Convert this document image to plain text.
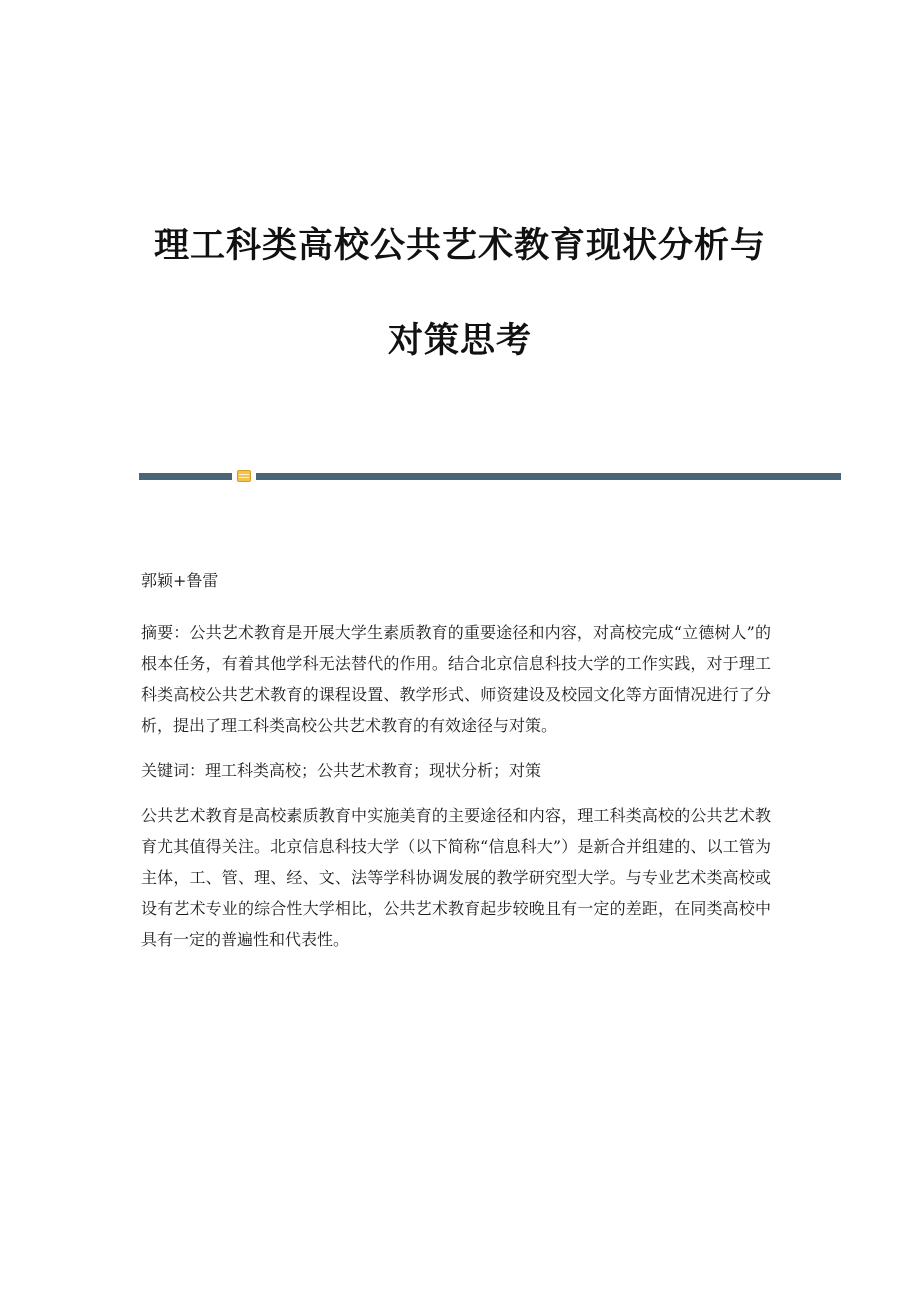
理工科类高校公共艺术教育现状分析与
对策思考

郭颖+鲁雷

摘要：公共艺术教育是开展大学生素质教育的重要途径和内容，对高校完成“立德树人”的根本任务，有着其他学科无法替代的作用。结合北京信息科技大学的工作实践，对于理工科类高校公共艺术教育的课程设置、教学形式、师资建设及校园文化等方面情况进行了分析，提出了理工科类高校公共艺术教育的有效途径与对策。

关键词：理工科类高校；公共艺术教育；现状分析；对策

公共艺术教育是高校素质教育中实施美育的主要途径和内容，理工科类高校的公共艺术教育尤其值得关注。北京信息科技大学（以下简称“信息科大”）是新合并组建的、以工管为主体，工、管、理、经、文、法等学科协调发展的教学研究型大学。与专业艺术类高校或设有艺术专业的综合性大学相比，公共艺术教育起步较晚且有一定的差距，在同类高校中具有一定的普遍性和代表性。
